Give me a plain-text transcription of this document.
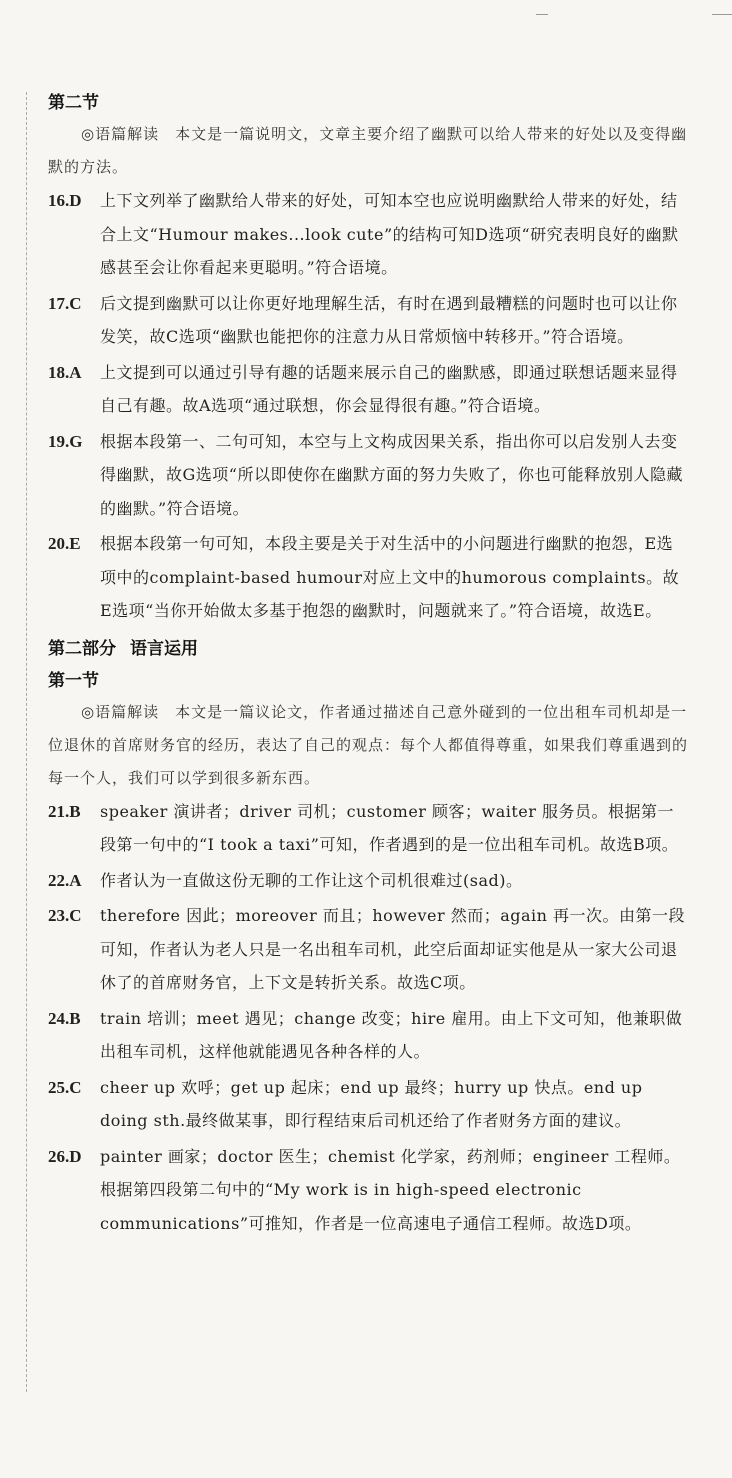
第二节
◎语篇解读　本文是一篇说明文，文章主要介绍了幽默可以给人带来的好处以及变得幽默的方法。
16.D 上下文列举了幽默给人带来的好处，可知本空也应说明幽默给人带来的好处，结合上文“Humour makes...look cute”的结构可知D选项“研究表明良好的幽默感甚至会让你看起来更聪明。”符合语境。
17.C 后文提到幽默可以让你更好地理解生活，有时在遇到最糟糕的问题时也可以让你发笑，故C选项“幽默也能把你的注意力从日常烦恼中转移开。”符合语境。
18.A 上文提到可以通过引导有趣的话题来展示自己的幽默感，即通过联想话题来显得自己有趣。故A选项“通过联想，你会显得很有趣。”符合语境。
19.G 根据本段第一、二句可知，本空与上文构成因果关系，指出你可以启发别人去变得幽默，故G选项“所以即使你在幽默方面的努力失败了，你也可能释放别人隐藏的幽默。”符合语境。
20.E 根据本段第一句可知，本段主要是关于对生活中的小问题进行幽默的抱怨，E选项中的complaint-based humour对应上文中的humorous complaints。故E选项“当你开始做太多基于抱怨的幽默时，问题就来了。”符合语境，故选E。
第二部分 语言运用
第一节
◎语篇解读　本文是一篇议论文，作者通过描述自己意外碰到的一位出租车司机却是一位退休的首席财务官的经历，表达了自己的观点：每个人都值得尊重，如果我们尊重遇到的每一个人，我们可以学到很多新东西。
21.B speaker 演讲者；driver 司机；customer 顾客；waiter 服务员。根据第一段第一句中的“I took a taxi”可知，作者遇到的是一位出租车司机。故选B项。
22.A 作者认为一直做这份无聊的工作让这个司机很难过(sad)。
23.C therefore 因此；moreover 而且；however 然而；again 再一次。由第一段可知，作者认为老人只是一名出租车司机，此空后面却证实他是从一家大公司退休了的首席财务官，上下文是转折关系。故选C项。
24.B train 培训；meet 遇见；change 改变；hire 雇用。由上下文可知，他兼职做出租车司机，这样他就能遇见各种各样的人。
25.C cheer up 欢呼；get up 起床；end up 最终；hurry up 快点。end up doing sth.最终做某事，即行程结束后司机还给了作者财务方面的建议。
26.D painter 画家；doctor 医生；chemist 化学家，药剂师；engineer 工程师。根据第四段第二句中的“My work is in high-speed electronic communications”可推知，作者是一位高速电子通信工程师。故选D项。
